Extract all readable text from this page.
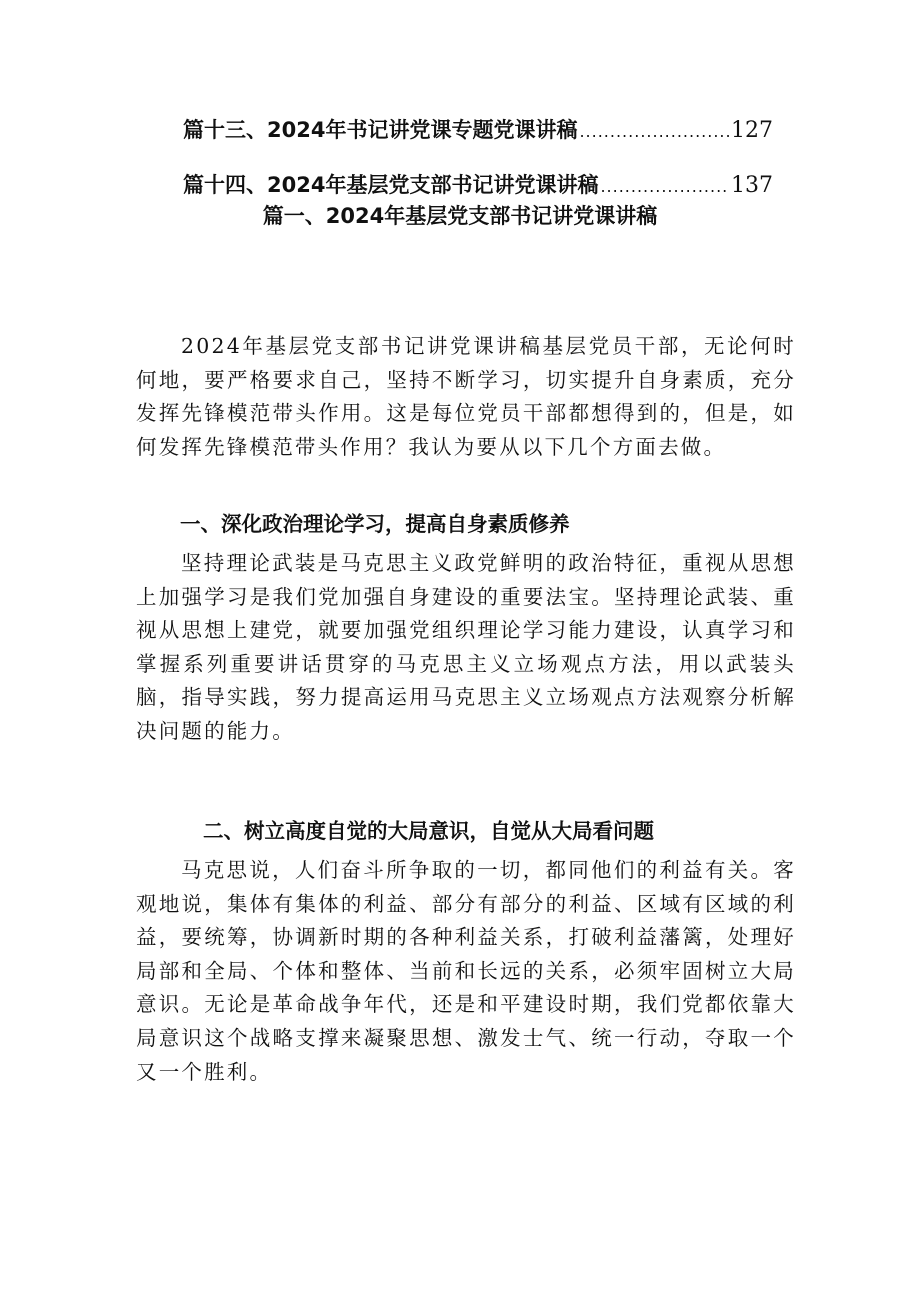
篇十三、2024年书记讲党课专题党课讲稿 .....	127
篇十四、2024年基层党支部书记讲党课讲稿 .....	137
篇一、2024年基层党支部书记讲党课讲稿

2024年基层党支部书记讲党课讲稿基层党员干部，无论何时何地，要严格要求自己，坚持不断学习，切实提升自身素质，充分发挥先锋模范带头作用。这是每位党员干部都想得到的，但是，如何发挥先锋模范带头作用？我认为要从以下几个方面去做。

一、深化政治理论学习，提高自身素质修养

坚持理论武装是马克思主义政党鲜明的政治特征，重视从思想上加强学习是我们党加强自身建设的重要法宝。坚持理论武装、重视从思想上建党，就要加强党组织理论学习能力建设，认真学习和掌握系列重要讲话贯穿的马克思主义立场观点方法，用以武装头脑，指导实践，努力提高运用马克思主义立场观点方法观察分析解决问题的能力。

二、树立高度自觉的大局意识，自觉从大局看问题

马克思说，人们奋斗所争取的一切，都同他们的利益有关。客观地说，集体有集体的利益、部分有部分的利益、区域有区域的利益，要统筹，协调新时期的各种利益关系，打破利益藩篱，处理好局部和全局、个体和整体、当前和长远的关系，必须牢固树立大局意识。无论是革命战争年代，还是和平建设时期，我们党都依靠大局意识这个战略支撑来凝聚思想、激发士气、统一行动，夺取一个又一个胜利。
